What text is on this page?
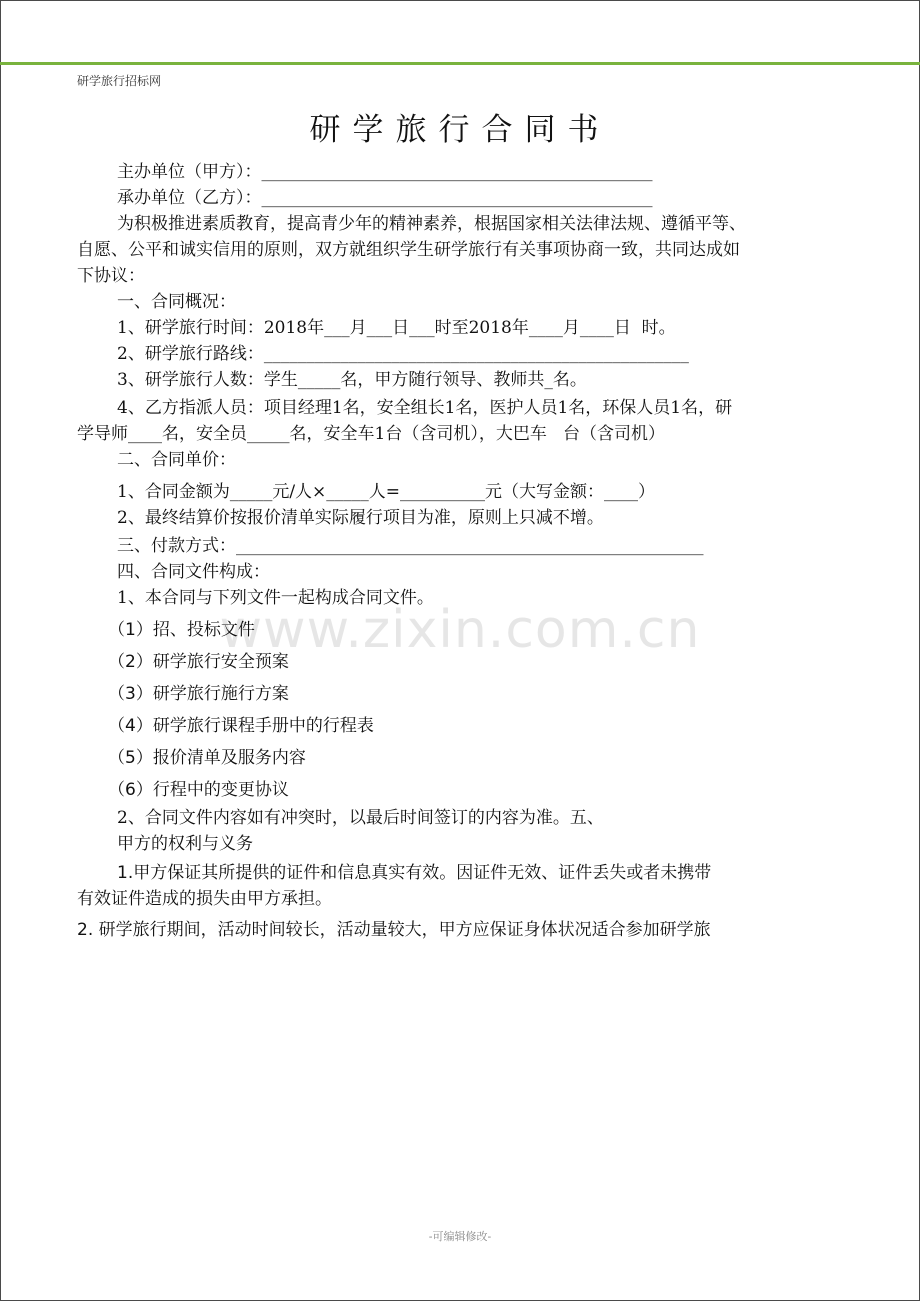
研学旅行招标网
研学旅行合同书
主办单位（甲方）：______________________________________________
承办单位（乙方）：______________________________________________
为积极推进素质教育，提高青少年的精神素养，根据国家相关法律法规、遵循平等、
自愿、公平和诚实信用的原则，双方就组织学生研学旅行有关事项协商一致，共同达成如
下协议：
一、合同概况：
1、研学旅行时间：2018年___月___日___时至2018年____月____日  时。
2、研学旅行路线：__________________________________________________
3、研学旅行人数：学生_____名，甲方随行领导、教师共_名。
4、乙方指派人员：项目经理1名，安全组长1名，医护人员1名，环保人员1名，研
学导师____名，安全员_____名，安全车1台（含司机），大巴车   台（含司机）
二、合同单价：
1、合同金额为_____元/人×_____人=__________元（大写金额：____）
2、最终结算价按报价清单实际履行项目为准，原则上只减不增。
三、付款方式：_______________________________________________________
四、合同文件构成：
1、本合同与下列文件一起构成合同文件。
www.zixin.com.cn
（1）招、投标文件
（2）研学旅行安全预案
（3）研学旅行施行方案
（4）研学旅行课程手册中的行程表
（5）报价清单及服务内容
（6）行程中的变更协议
2、合同文件内容如有冲突时，以最后时间签订的内容为准。五、
甲方的权利与义务
1.甲方保证其所提供的证件和信息真实有效。因证件无效、证件丢失或者未携带
有效证件造成的损失由甲方承担。
2. 研学旅行期间，活动时间较长，活动量较大，甲方应保证身体状况适合参加研学旅
-可编辑修改-
